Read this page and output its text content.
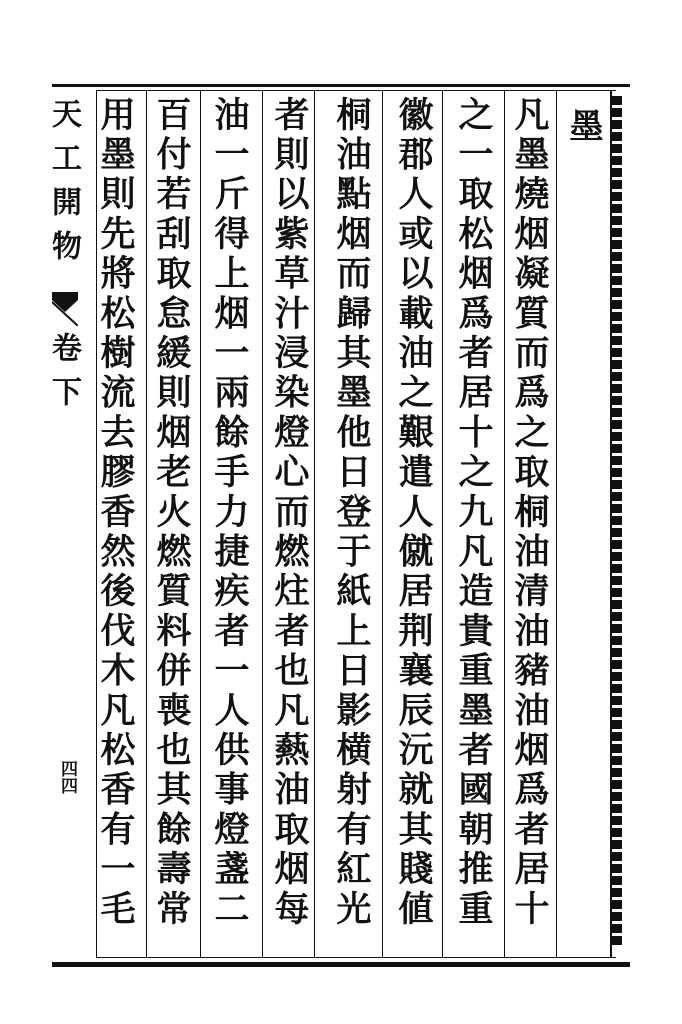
墨
天工開物
卷下
四四	凡墨燒烟凝質而爲之取桐油清油豬油烟爲者居十
之一取松烟爲者居十之九凡造貴重墨者國朝推重
徽郡人或以載油之艱遣人僦居荆襄辰沅就其賤値
桐油點烟而歸其墨他日登于紙上日影横射有紅光
者則以紫草汁浸染燈心而燃炷者也凡爇油取烟每
油一斤得上烟一兩餘手力捷疾者一人供事燈盞二
百付若刮取怠緩則烟老火燃質料併喪也其餘壽常
用墨則先將松樹流去膠香然後伐木凡松香有一毛
